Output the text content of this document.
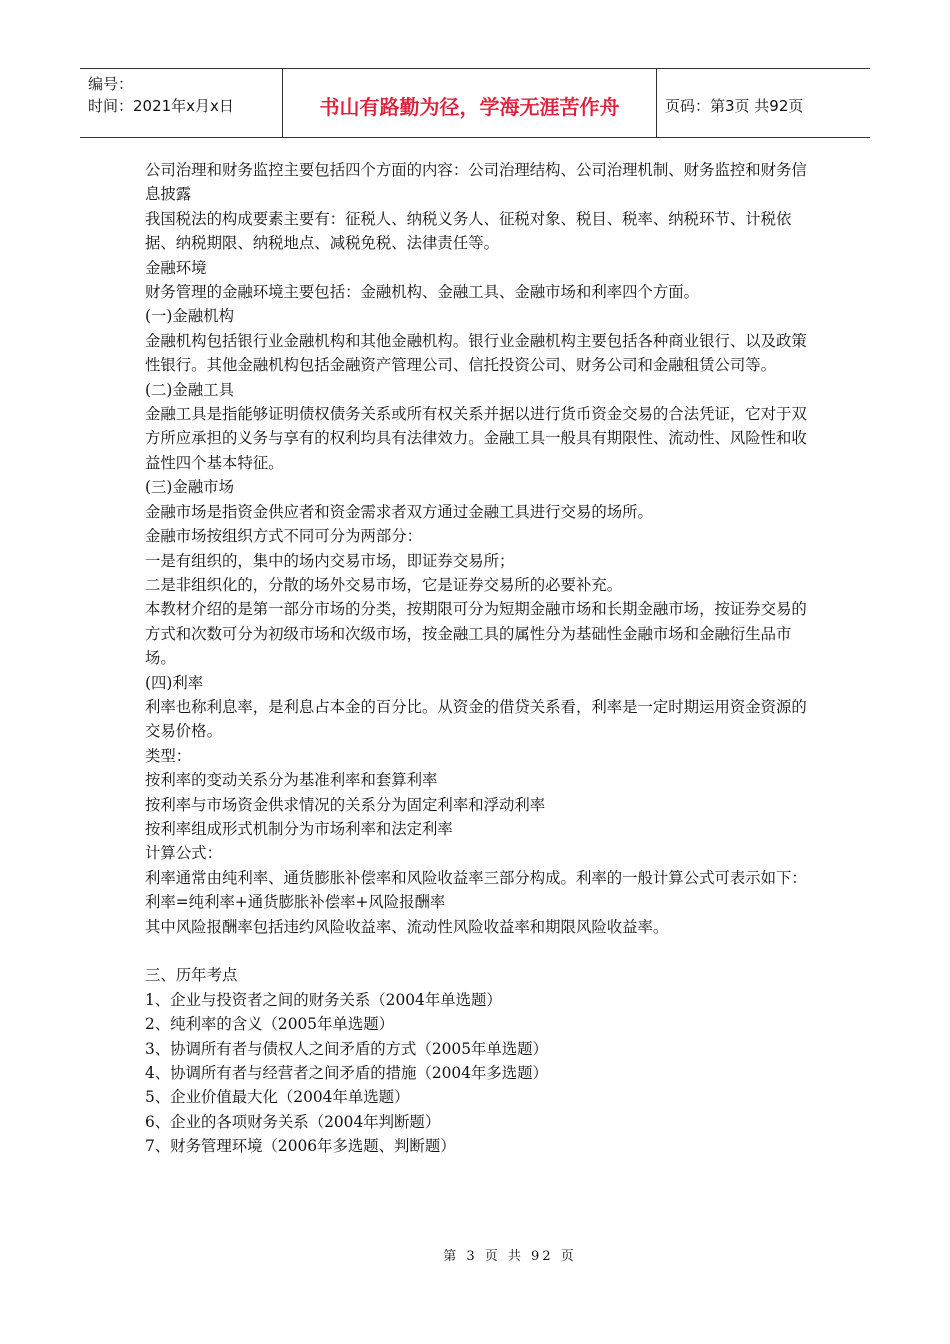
编号：
时间：2021年x月x日	书山有路勤为径，学海无涯苦作舟	页码：第3页 共92页

公司治理和财务监控主要包括四个方面的内容：公司治理结构、公司治理机制、财务监控和财务信息披露

我国税法的构成要素主要有：征税人、纳税义务人、征税对象、税目、税率、纳税环节、计税依据、纳税期限、纳税地点、减税免税、法律责任等。

金融环境

财务管理的金融环境主要包括：金融机构、金融工具、金融市场和利率四个方面。

(一)金融机构

金融机构包括银行业金融机构和其他金融机构。银行业金融机构主要包括各种商业银行、以及政策性银行。其他金融机构包括金融资产管理公司、信托投资公司、财务公司和金融租赁公司等。

(二)金融工具

金融工具是指能够证明债权债务关系或所有权关系并据以进行货币资金交易的合法凭证，它对于双方所应承担的义务与享有的权利均具有法律效力。金融工具一般具有期限性、流动性、风险性和收益性四个基本特征。

(三)金融市场

金融市场是指资金供应者和资金需求者双方通过金融工具进行交易的场所。

金融市场按组织方式不同可分为两部分：

一是有组织的，集中的场内交易市场，即证券交易所；

二是非组织化的，分散的场外交易市场，它是证券交易所的必要补充。

本教材介绍的是第一部分市场的分类，按期限可分为短期金融市场和长期金融市场，按证券交易的方式和次数可分为初级市场和次级市场，按金融工具的属性分为基础性金融市场和金融衍生品市场。

(四)利率

利率也称利息率，是利息占本金的百分比。从资金的借贷关系看，利率是一定时期运用资金资源的交易价格。

类型：

按利率的变动关系分为基准利率和套算利率

按利率与市场资金供求情况的关系分为固定利率和浮动利率

按利率组成形式机制分为市场利率和法定利率

计算公式：

利率通常由纯利率、通货膨胀补偿率和风险收益率三部分构成。利率的一般计算公式可表示如下：

利率=纯利率+通货膨胀补偿率+风险报酬率

其中风险报酬率包括违约风险收益率、流动性风险收益率和期限风险收益率。

三、历年考点

1、企业与投资者之间的财务关系（2004年单选题）

2、纯利率的含义（2005年单选题）

3、协调所有者与债权人之间矛盾的方式（2005年单选题）

4、协调所有者与经营者之间矛盾的措施（2004年多选题）

5、企业价值最大化（2004年单选题）

6、企业的各项财务关系（2004年判断题）

7、财务管理环境（2006年多选题、判断题）

第 3 页 共 92 页
